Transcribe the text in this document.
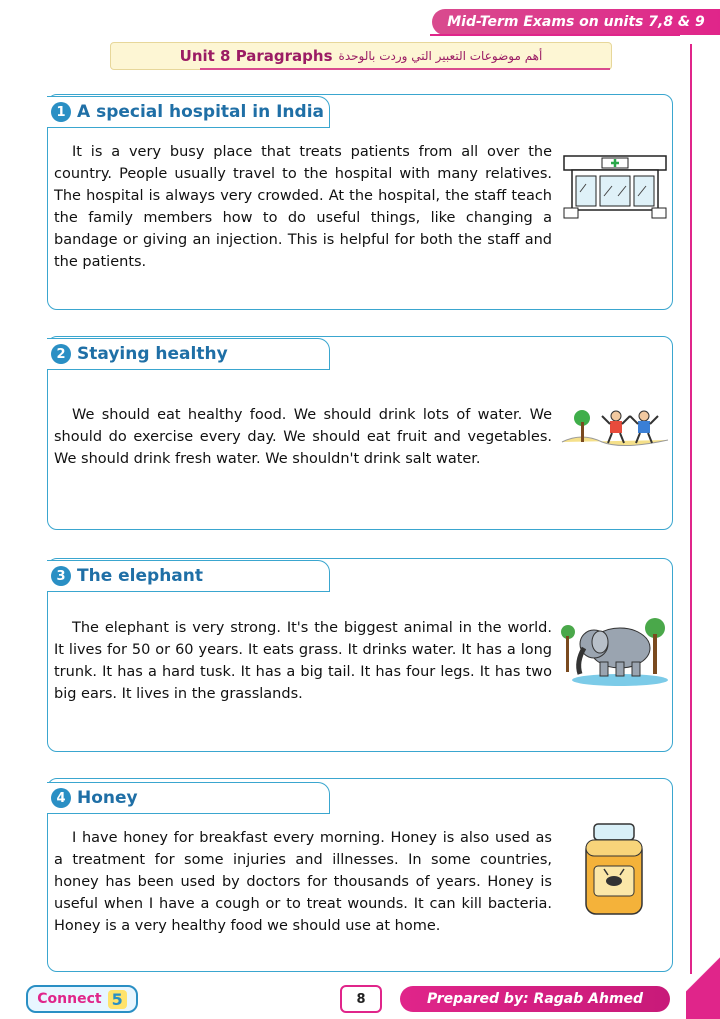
Mid-Term Exams on units 7,8 & 9
Unit 8 Paragraphs أهم موضوعات التعبير التي وردت بالوحدة
1 A special hospital in India
It is a very busy place that treats patients from all over the country. People usually travel to the hospital with many relatives. The hospital is always very crowded. At the hospital, the staff teach the family members how to do useful things, like changing a bandage or giving an injection. This is helpful for both the staff and the patients.
2 Staying healthy
We should eat healthy food. We should drink lots of water. We should do exercise every day. We should eat fruit and vegetables. We should drink fresh water. We shouldn't drink salt water.
3 The elephant
The elephant is very strong. It's the biggest animal in the world. It lives for 50 or 60 years. It eats grass. It drinks water. It has a long trunk. It has a hard tusk. It has a big tail. It has four legs. It has two big ears. It lives in the grasslands.
4 Honey
I have honey for breakfast every morning. Honey is also used as a treatment for some injuries and illnesses. In some countries, honey has been used by doctors for thousands of years. Honey is useful when I have a cough or to treat wounds. It can kill bacteria. Honey is a very healthy food we should use at home.
Connect 5	8	Prepared by: Ragab Ahmed
